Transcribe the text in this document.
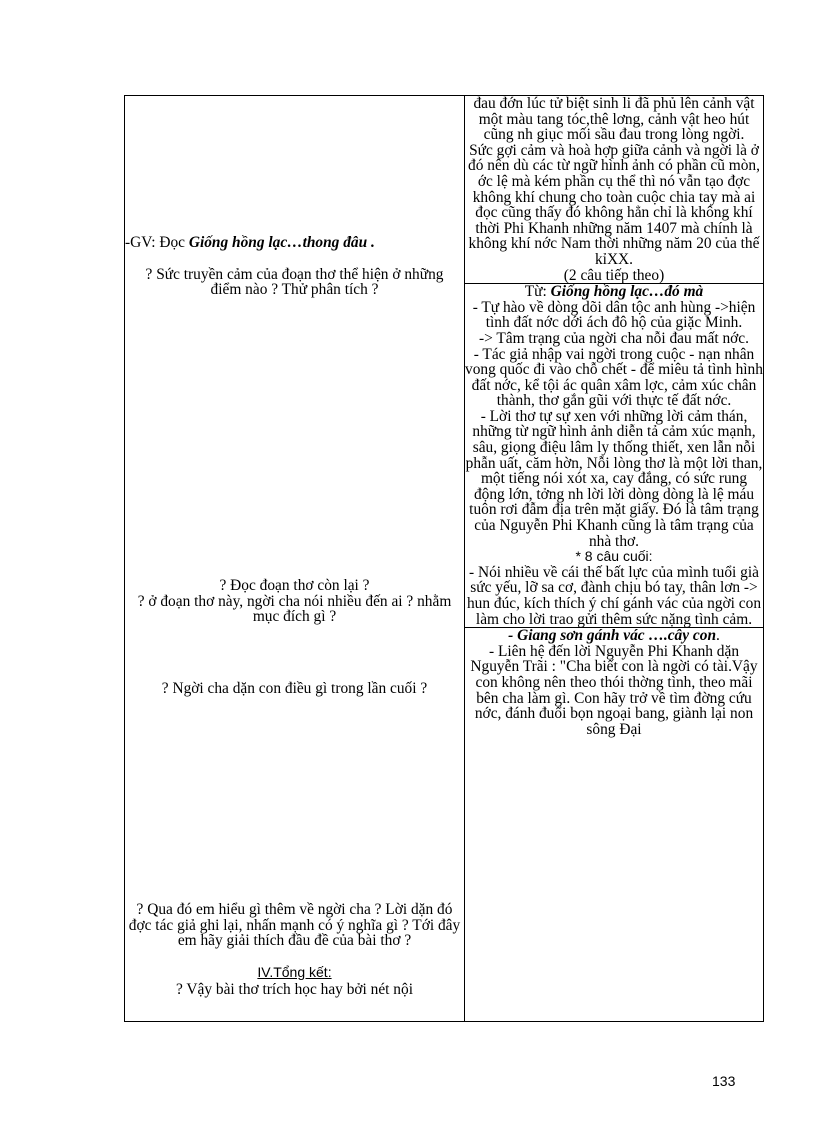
-GV: Đọc Giống hồng lạc…thong đâu .

? Sức truyền cảm của đoạn thơ thể hiện ở những điểm nào ? Thử phân tích ?

? Đọc đoạn thơ còn lại ?

? ở đoạn thơ này, ngời cha nói nhiều đến ai ? nhằm mục đích gì ?

? Ngời cha dặn con điều gì trong lần cuối ?

? Qua đó em hiểu gì thêm về ngời cha ? Lời dặn đó đợc tác giả ghi lại, nhấn mạnh có ý nghĩa gì ? Tới đây em hãy giải thích đầu đề của bài thơ ?

IV.Tổng kết:

? Vậy bài thơ trích học hay bởi nét nội

đau đớn lúc tử biệt sinh li đã phủ lên cảnh vật một màu tang tóc,thê lơng, cảnh vật heo hút cũng nh giục mối sầu đau trong lòng ngời.

Sức gợi cảm và hoà hợp giữa cảnh và ngời là ở đó nên dù các từ ngữ hình ảnh có phần cũ mòn, ớc lệ mà kém phần cụ thể thì nó vẫn tạo đợc không khí chung cho toàn cuộc chia tay mà ai đọc cũng thấy đó không hẳn chỉ là không khí thời Phi Khanh những năm 1407 mà chính là không khí nớc Nam thời những năm 20 của thế kỉXX.

(2 câu tiếp theo)

Từ: Giống hồng lạc…đó mà

- Tự hào về dòng dõi dân tộc anh hùng ->hiện tình đất nớc dới ách đô hộ của giặc Minh.

-> Tâm trạng của ngời cha nỗi đau mất nớc.

- Tác giả nhập vai ngời trong cuộc - nạn nhân vong quốc đi vào chỗ chết - để miêu tả tình hình đất nớc, kể tội ác quân xâm lợc, cảm xúc chân thành, thơ gắn gũi với thực tế đất nớc.

- Lời thơ tự sự xen với những lời cảm thán, những từ ngữ hình ảnh diễn tả cảm xúc mạnh, sâu, giọng điệu lâm ly thống thiết, xen lẫn nỗi phẫn uất, căm hờn, Nỗi lòng thơ là một lời than, một tiếng nói xót xa, cay đắng, có sức rung động lớn, tởng nh lời lời dòng dòng là lệ máu tuôn rơi đẫm địa trên mặt giấy. Đó là tâm trạng của Nguyễn Phi Khanh cũng là tâm trạng của nhà thơ.

* 8 câu cuối:

- Nói nhiều về cái thế bất lực của mình tuổi già sức yếu, lỡ sa cơ, đành chịu bó tay, thân lơn -> hun đúc, kích thích ý chí gánh vác của ngời con làm cho lời trao gửi thêm sức nặng tình cảm.

- Giang sơn gánh vác ….cây con.

- Liên hệ đến lời Nguyễn Phi Khanh dặn Nguyễn Trãi : "Cha biết con là ngời có tài.Vậy con không nên theo thói thờng tình, theo mãi bên cha làm gì. Con hãy trở về tìm đờng cứu nớc, đánh đuổi bọn ngoại bang, giành lại non sông Đại

133
